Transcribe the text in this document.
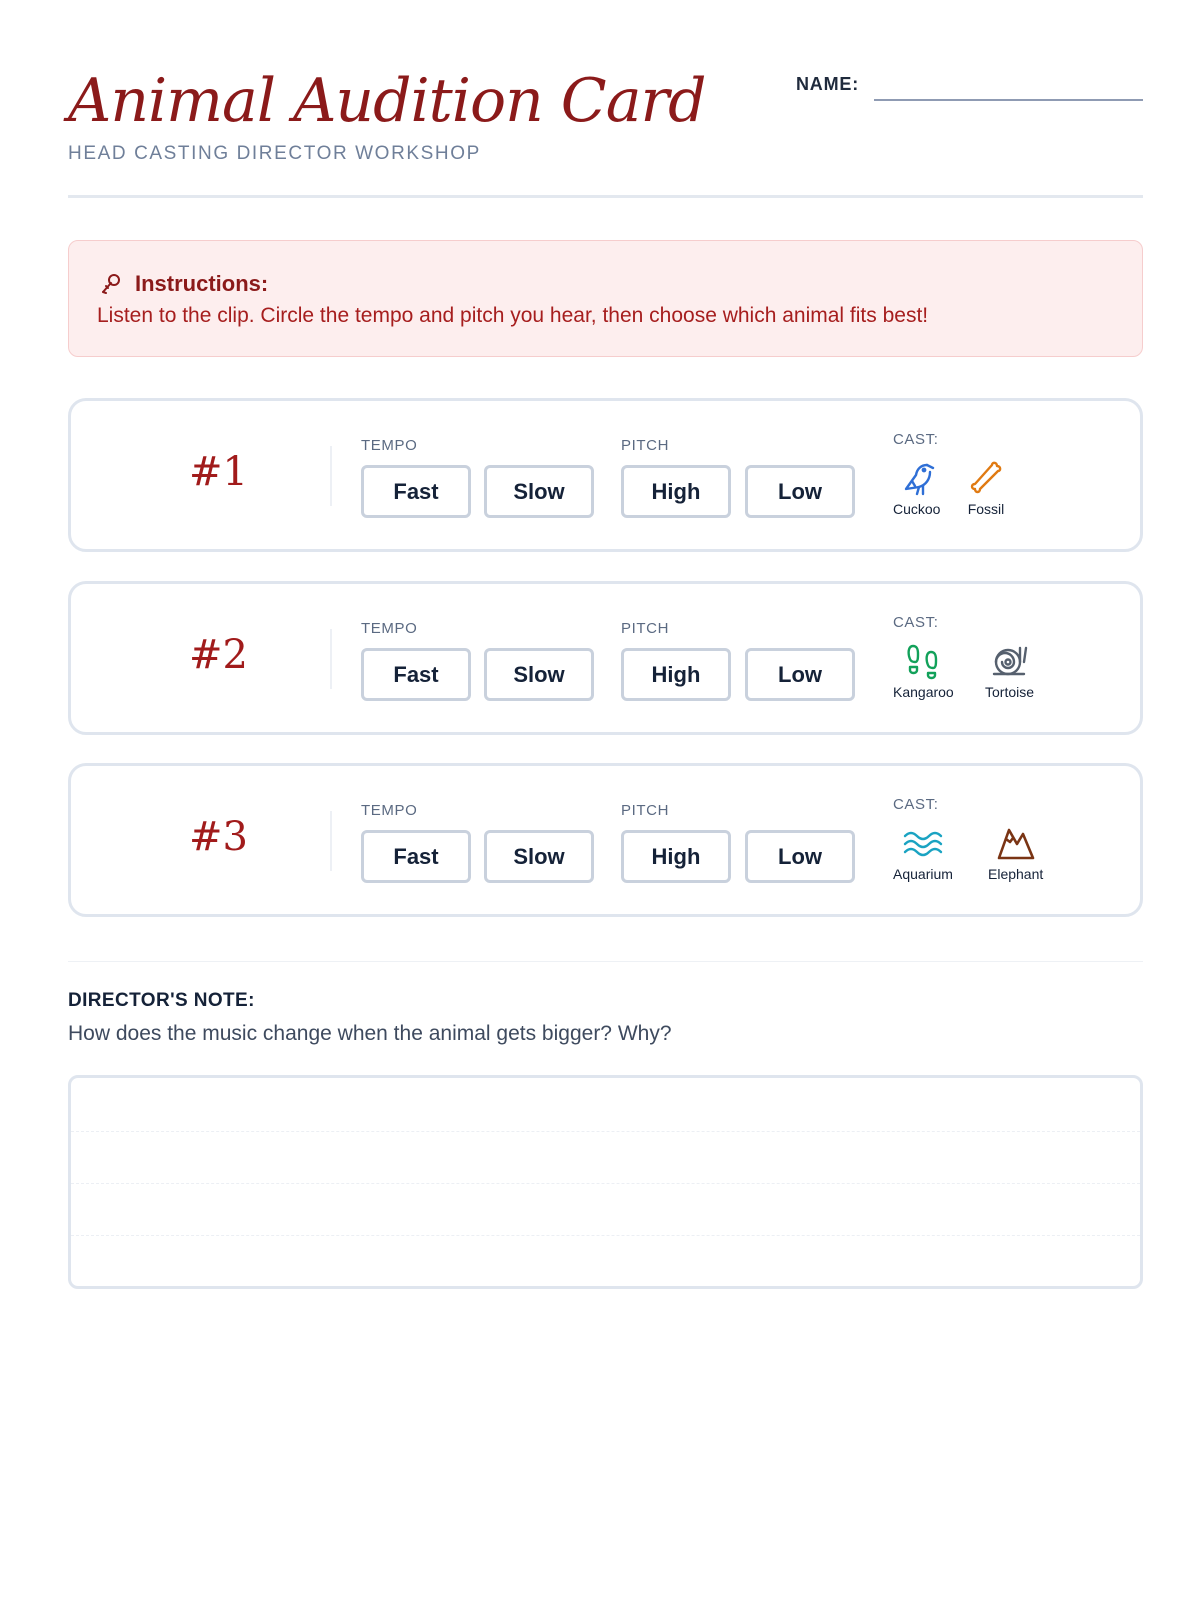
Animal Audition Card
HEAD CASTING DIRECTOR WORKSHOP
NAME:
Instructions:
Listen to the clip. Circle the tempo and pitch you hear, then choose which animal fits best!
#1
TEMPO
Fast	Slow
PITCH
High	Low
CAST:
Cuckoo Fossil
#2
TEMPO
Fast	Slow
PITCH
High	Low
CAST:
Kangaroo Tortoise
#3
TEMPO
Fast	Slow
PITCH
High	Low
CAST:
Aquarium	Elephant
DIRECTOR'S NOTE:
How does the music change when the animal gets bigger? Why?
